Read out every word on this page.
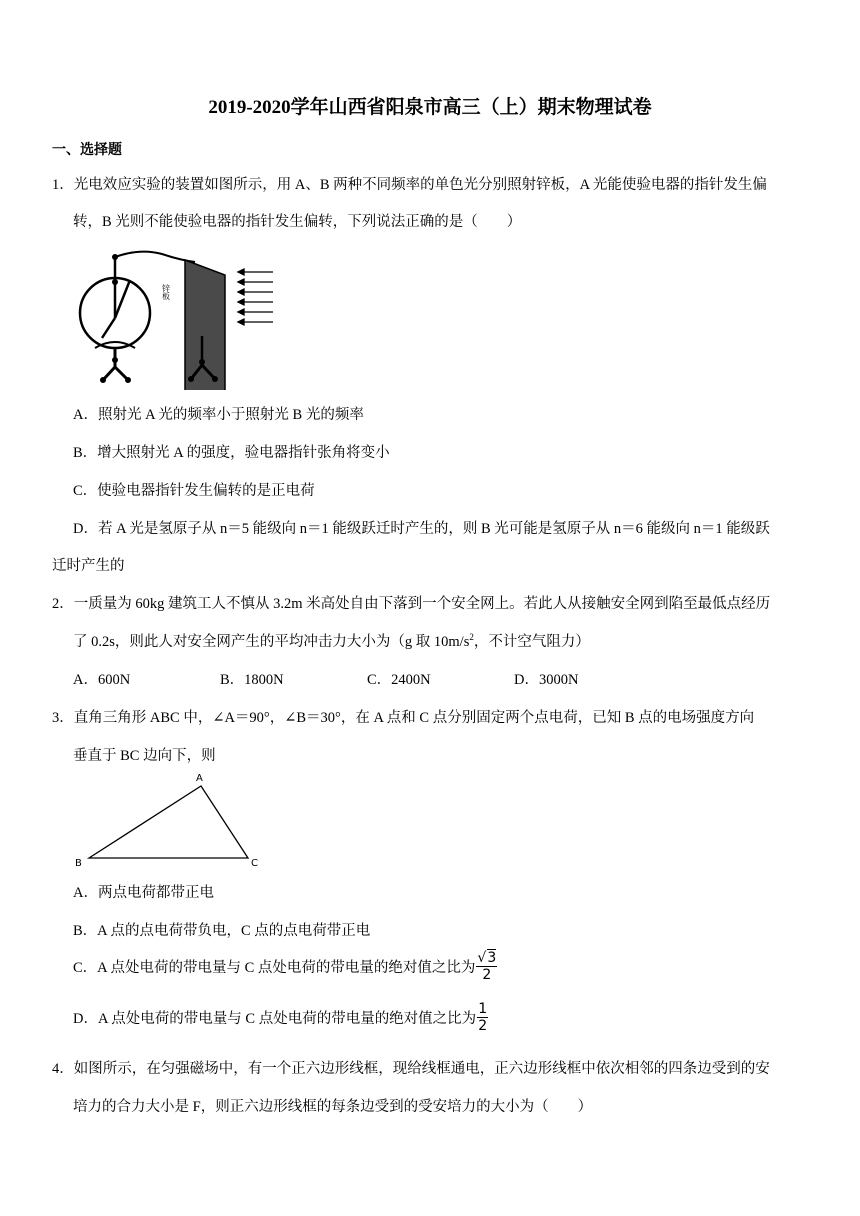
2019-2020学年山西省阳泉市高三（上）期末物理试卷
一、选择题
1．光电效应实验的装置如图所示，用 A、B 两种不同频率的单色光分别照射锌板，A 光能使验电器的指针发生偏
转，B 光则不能使验电器的指针发生偏转，下列说法正确的是（　　）
锌板
A．照射光 A 光的频率小于照射光 B 光的频率
B．增大照射光 A 的强度，验电器指针张角将变小
C．使验电器指针发生偏转的是正电荷
D．若 A 光是氢原子从 n＝5 能级向 n＝1 能级跃迁时产生的，则 B 光可能是氢原子从 n＝6 能级向 n＝1 能级跃
迁时产生的
2．一质量为 60kg 建筑工人不慎从 3.2m 米高处自由下落到一个安全网上。若此人从接触安全网到陷至最低点经历
了 0.2s，则此人对安全网产生的平均冲击力大小为（g 取 $10m/s^2$，不计空气阻力）
A．600N	B．1800N	C．2400N	D．3000N
3．直角三角形 ABC 中，∠A＝90°，∠B＝30°，在 A 点和 C 点分别固定两个点电荷，已知 B 点的电场强度方向
垂直于 BC 边向下，则
A
B	C
A．两点电荷都带正电
B．A 点的点电荷带负电，C 点的点电荷带正电
C．A 点处电荷的带电量与 C 点处电荷的带电量的绝对值之比为 $\frac{√3}{2}$
D．A 点处电荷的带电量与 C 点处电荷的带电量的绝对值之比为 $\frac{1}{2}$
4．如图所示，在匀强磁场中，有一个正六边形线框，现给线框通电，正六边形线框中依次相邻的四条边受到的安
培力的合力大小是 F，则正六边形线框的每条边受到的受安培力的大小为（　　）
